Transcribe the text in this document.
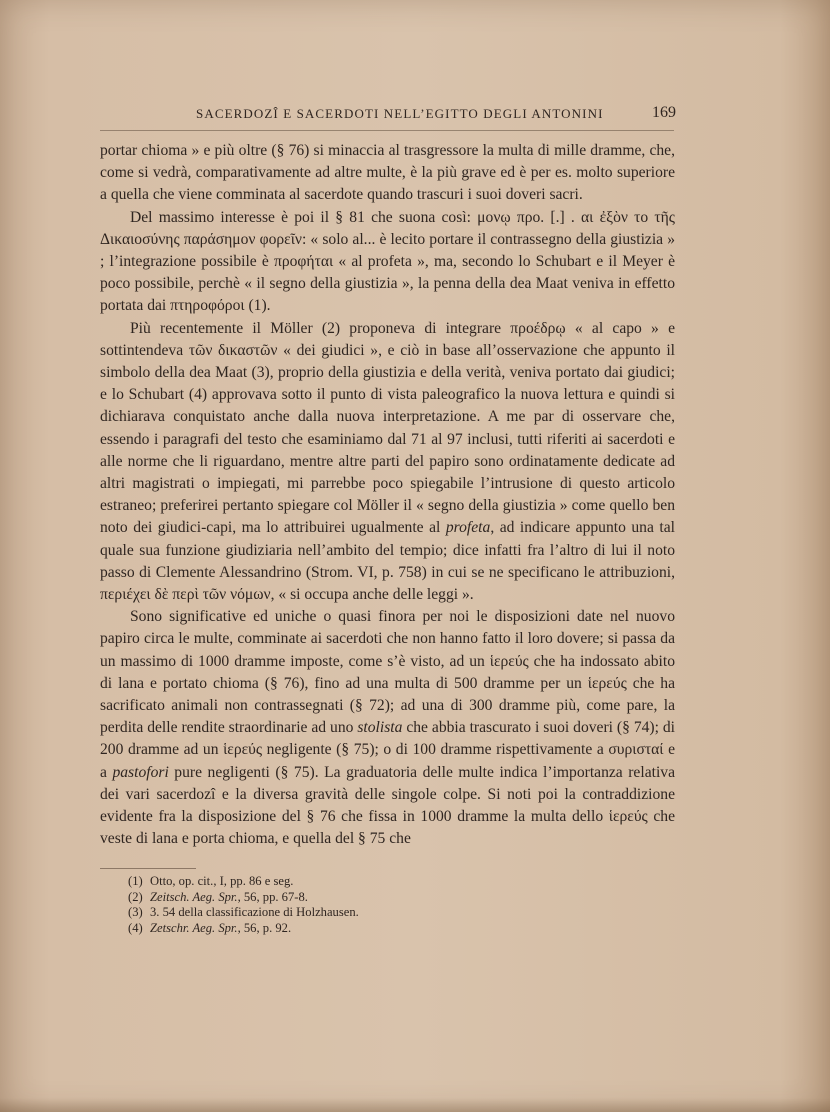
SACERDOZÎ E SACERDOTI NELL’EGITTO DEGLI ANTONINI	169

portar chioma » e più oltre (§ 76) si minaccia al trasgressore la multa di mille dramme, che, come si vedrà, comparativamente ad altre multe, è la più grave ed è per es. molto superiore a quella che viene comminata al sacerdote quando trascuri i suoi doveri sacri.

Del massimo interesse è poi il § 81 che suona così: μονῳ προ. [.] . αι ἐξὸν το τῆς Δικαιοσύνης παράσημον φορεῖν: « solo al... è lecito portare il contrassegno della giustizia » ; l’integrazione possibile è προφήται « al profeta », ma, secondo lo Schubart e il Meyer è poco possibile, perchè « il segno della giustizia », la penna della dea Maat veniva in effetto portata dai πτηροφόροι (1).

Più recentemente il Möller (2) proponeva di integrare προέδρῳ « al capo » e sottintendeva τῶν δικαστῶν « dei giudici », e ciò in base all’osservazione che appunto il simbolo della dea Maat (3), proprio della giustizia e della verità, veniva portato dai giudici; e lo Schubart (4) approvava sotto il punto di vista paleografico la nuova lettura e quindi si dichiarava conquistato anche dalla nuova interpretazione. A me par di osservare che, essendo i paragrafi del testo che esaminiamo dal 71 al 97 inclusi, tutti riferiti ai sacerdoti e alle norme che li riguardano, mentre altre parti del papiro sono ordinatamente dedicate ad altri magistrati o impiegati, mi parrebbe poco spiegabile l’intrusione di questo articolo estraneo; preferirei pertanto spiegare col Möller il « segno della giustizia » come quello ben noto dei giudici-capi, ma lo attribuirei ugualmente al profeta, ad indicare appunto una tal quale sua funzione giudiziaria nell’ambito del tempio; dice infatti fra l’altro di lui il noto passo di Clemente Alessandrino (Strom. VI, p. 758) in cui se ne specificano le attribuzioni, περιέχει δὲ περὶ τῶν νόμων, « si occupa anche delle leggi ».

Sono significative ed uniche o quasi finora per noi le disposizioni date nel nuovo papiro circa le multe, comminate ai sacerdoti che non hanno fatto il loro dovere; si passa da un massimo di 1000 dramme imposte, come s’è visto, ad un ἱερεύς che ha indossato abito di lana e portato chioma (§ 76), fino ad una multa di 500 dramme per un ἱερεύς che ha sacrificato animali non contrassegnati (§ 72); ad una di 300 dramme più, come pare, la perdita delle rendite straordinarie ad uno stolista che abbia trascurato i suoi doveri (§ 74); di 200 dramme ad un ἱερεύς negligente (§ 75); o di 100 dramme rispettivamente a συρισταί e a pastofori pure negligenti (§ 75). La graduatoria delle multe indica l’importanza relativa dei vari sacerdozî e la diversa gravità delle singole colpe. Si noti poi la contraddizione evidente fra la disposizione del § 76 che fissa in 1000 dramme la multa dello ἱερεύς che veste di lana e porta chioma, e quella del § 75 che

(1) Otto, op. cit., I, pp. 86 e seg.
(2) Zeitsch. Aeg. Spr., 56, pp. 67-8.
(3) 3. 54 della classificazione di Holzhausen.
(4) Zetschr. Aeg. Spr., 56, p. 92.
